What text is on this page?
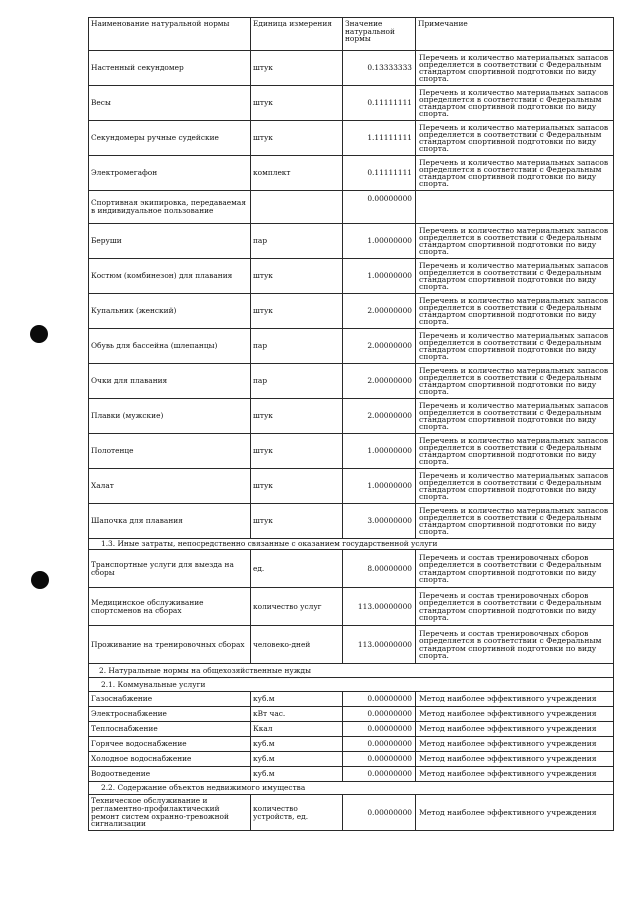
Наименование натуральной нормы	Единица измерения	Значение натуральной нормы	Примечание
Настенный секундомер	штук	0.13333333	Перечень и количество материальных запасов определяется в соответствии с Федеральным стандартом спортивной подготовки по виду спорта.
Весы	штук	0.11111111	Перечень и количество материальных запасов определяется в соответствии с Федеральным стандартом спортивной подготовки по виду спорта.
Секундомеры ручные судейские	штук	1.11111111	Перечень и количество материальных запасов определяется в соответствии с Федеральным стандартом спортивной подготовки по виду спорта.
Электромегафон	комплект	0.11111111	Перечень и количество материальных запасов определяется в соответствии с Федеральным стандартом спортивной подготовки по виду спорта.
Спортивная экипировка, передаваемая в индивидуальное пользование		0.00000000	
Беруши	пар	1.00000000	Перечень и количество материальных запасов определяется в соответствии с Федеральным стандартом спортивной подготовки по виду спорта.
Костюм (комбинезон) для плавания	штук	1.00000000	Перечень и количество материальных запасов определяется в соответствии с Федеральным стандартом спортивной подготовки по виду спорта.
Купальник (женский)	штук	2.00000000	Перечень и количество материальных запасов определяется в соответствии с Федеральным стандартом спортивной подготовки по виду спорта.
Обувь для бассейна (шлепанцы)	пар	2.00000000	Перечень и количество материальных запасов определяется в соответствии с Федеральным стандартом спортивной подготовки по виду спорта.
Очки для плавания	пар	2.00000000	Перечень и количество материальных запасов определяется в соответствии с Федеральным стандартом спортивной подготовки по виду спорта.
Плавки (мужские)	штук	2.00000000	Перечень и количество материальных запасов определяется в соответствии с Федеральным стандартом спортивной подготовки по виду спорта.
Полотенце	штук	1.00000000	Перечень и количество материальных запасов определяется в соответствии с Федеральным стандартом спортивной подготовки по виду спорта.
Халат	штук	1.00000000	Перечень и количество материальных запасов определяется в соответствии с Федеральным стандартом спортивной подготовки по виду спорта.
Шапочка для плавания	штук	3.00000000	Перечень и количество материальных запасов определяется в соответствии с Федеральным стандартом спортивной подготовки по виду спорта.
1.3. Иные затраты, непосредственно связанные с оказанием государственной услуги			
Транспортные услуги для выезда на сборы	ед.	8.00000000	Перечень и состав тренировочных сборов определяется в соответствии с Федеральным стандартом спортивной подготовки по виду спорта.
Медицинское обслуживание спортсменов на сборах	количество услуг	113.00000000	Перечень и состав тренировочных сборов определяется в соответствии с Федеральным стандартом спортивной подготовки по виду спорта.
Проживание на тренировочных сборах	человеко-дней	113.00000000	Перечень и состав тренировочных сборов определяется в соответствии с Федеральным стандартом спортивной подготовки по виду спорта.
2. Натуральные нормы на общехозяйственные нужды			
2.1. Коммунальные услуги			
Газоснабжение	куб.м	0.00000000	Метод наиболее эффективного учреждения
Электроснабжение	кВт час.	0.00000000	Метод наиболее эффективного учреждения
Теплоснабжение	Ккал	0.00000000	Метод наиболее эффективного учреждения
Горячее водоснабжение	куб.м	0.00000000	Метод наиболее эффективного учреждения
Холодное водоснабжение	куб.м	0.00000000	Метод наиболее эффективного учреждения
Водоотведение	куб.м	0.00000000	Метод наиболее эффективного учреждения
2.2. Содержание объектов недвижимого имущества			
Техническое обслуживание и регламентно-профилактический ремонт систем охранно-тревожной сигнализации	количество устройств, ед.	0.00000000	Метод наиболее эффективного учреждения
